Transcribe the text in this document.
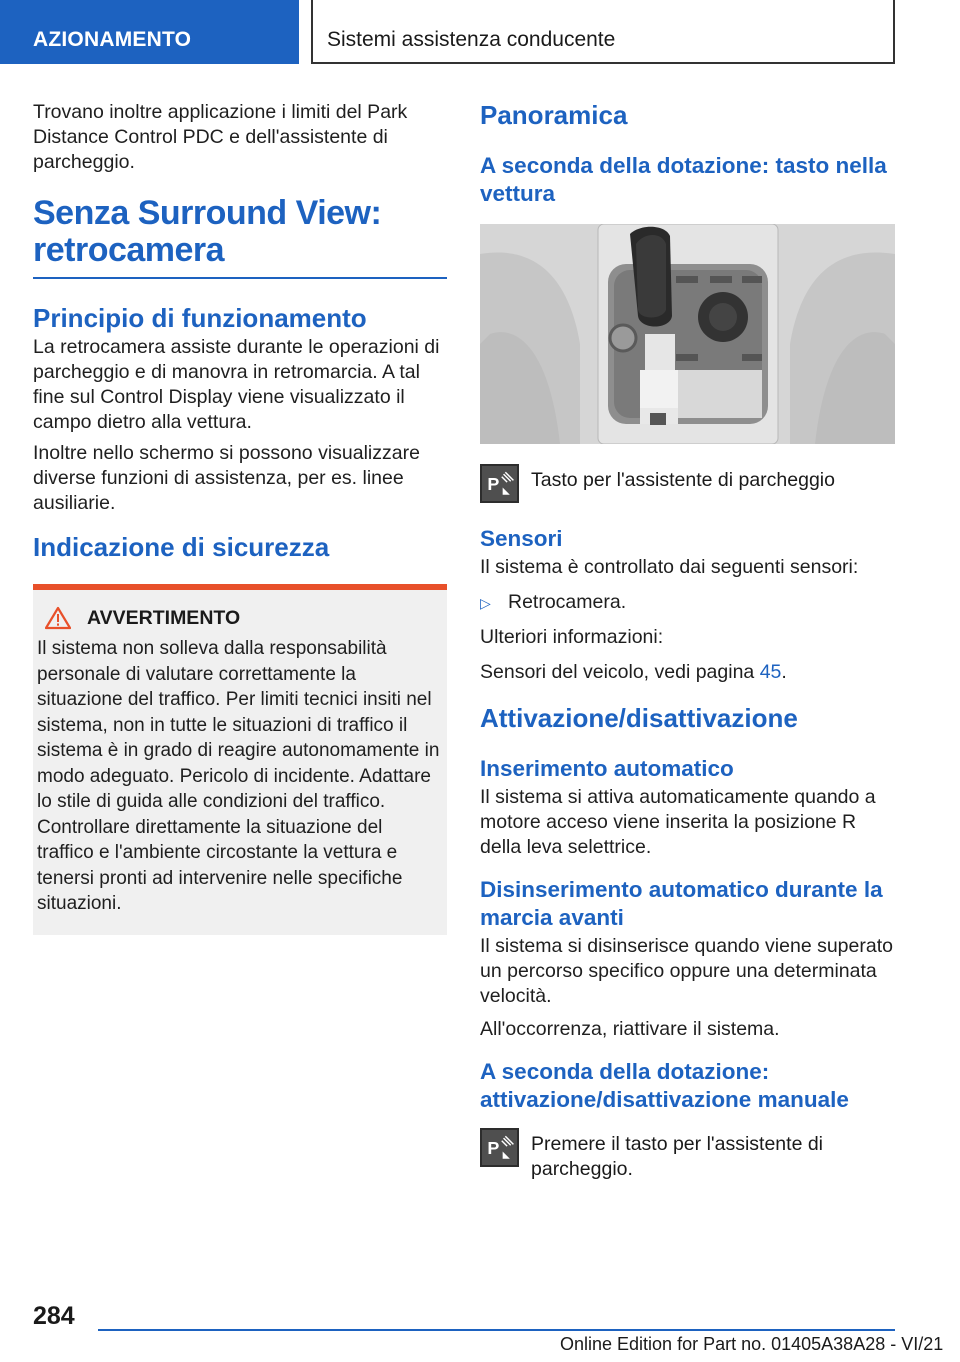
AZIONAMENTO	Sistemi assistenza conducente

Trovano inoltre applicazione i limiti del Park Distance Control PDC e dell'assistente di parcheggio.

Senza Surround View: retrocamera
Principio di funzionamento

La retrocamera assiste durante le operazioni di parcheggio e di manovra in retromarcia. A tal fine sul Control Display viene visualizzato il campo dietro alla vettura.

Inoltre nello schermo si possono visualizzare diverse funzioni di assistenza, per es. linee ausiliarie.

Indicazione di sicurezza
AVVERTIMENTO

Il sistema non solleva dalla responsabilità personale di valutare correttamente la situazione del traffico. Per limiti tecnici insiti nel sistema, non in tutte le situazioni di traffico il sistema è in grado di reagire autonomamente in modo adeguato. Pericolo di incidente. Adattare lo stile di guida alle condizioni del traffico. Controllare direttamente la situazione del traffico e l'ambiente circostante la vettura e tenersi pronti ad intervenire nelle specifiche situazioni.

Panoramica
A seconda della dotazione: tasto nella vettura
P Tasto per l'assistente di parcheggio
Sensori

Il sistema è controllato dai seguenti sensori:

▷ Retrocamera.

Ulteriori informazioni:

Sensori del veicolo, vedi pagina 45.

Attivazione/disattivazione
Inserimento automatico

Il sistema si attiva automaticamente quando a motore acceso viene inserita la posizione R della leva selettrice.

Disinserimento automatico durante la marcia avanti

Il sistema si disinserisce quando viene superato un percorso specifico oppure una determinata velocità.

All'occorrenza, riattivare il sistema.

A seconda della dotazione: attivazione/disattivazione manuale
P Premere il tasto per l'assistente di parcheggio.
284
Online Edition for Part no. 01405A38A28 - VI/21
